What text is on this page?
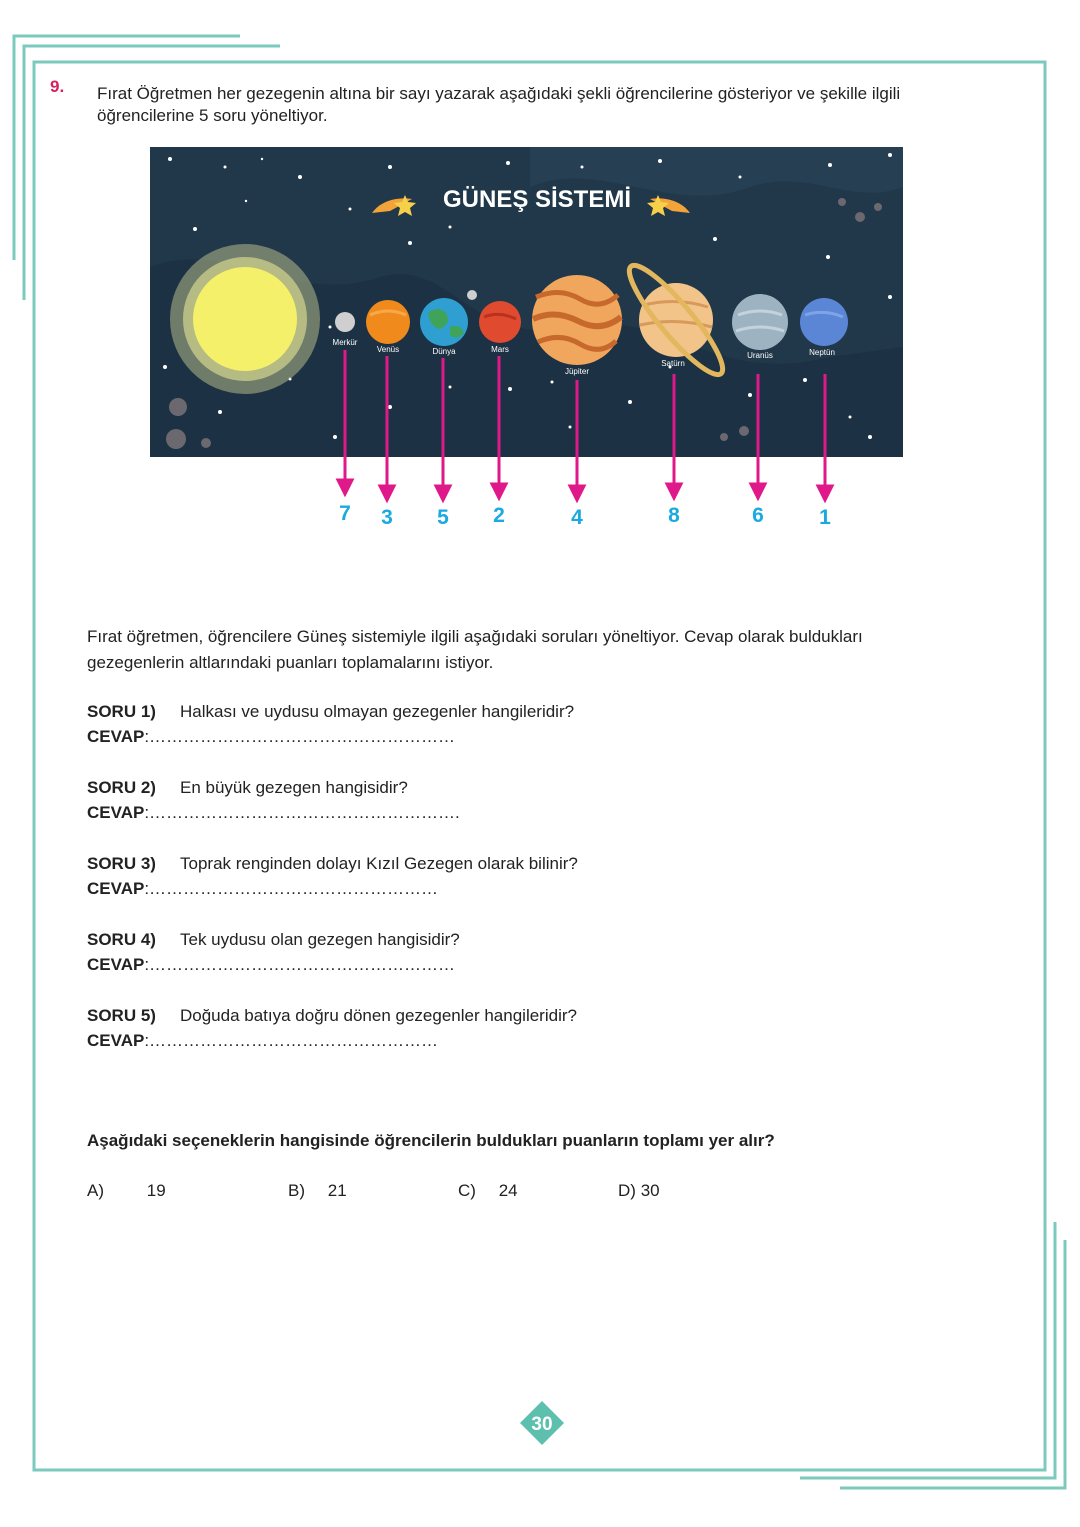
9. Fırat Öğretmen her gezegenin altına bir sayı yazarak aşağıdaki şekli öğrencilerine gösteriyor ve şekille ilgili öğrencilerine 5 soru yöneltiyor.
GÜNEŞ SİSTEMİ
Merkür
Venüs	Dünya	Mars
Jüpiter
Satürn
Uranüs	Neptün
7 3 5 2	4	8	6	1
Fırat öğretmen, öğrencilere Güneş sistemiyle ilgili aşağıdaki soruları yöneltiyor. Cevap olarak buldukları gezegenlerin altlarındaki puanları toplamalarını istiyor.
SORU 1) Halkası ve uydusu olmayan gezegenler hangileridir?
CEVAP:………………………………………………
SORU 2) En büyük gezegen hangisidir?
CEVAP:……………………………………………….
SORU 3) Toprak renginden dolayı Kızıl Gezegen olarak bilinir?
CEVAP:……………………………………………
SORU 4) Tek uydusu olan gezegen hangisidir?
CEVAP:………………………………………………
SORU 5) Doğuda batıya doğru dönen gezegenler hangileridir?
CEVAP:……………………………………………
Aşağıdaki seçeneklerin hangisinde öğrencilerin buldukları puanların toplamı yer alır?
A)	19	B) 21	C) 24	D) 30
30
